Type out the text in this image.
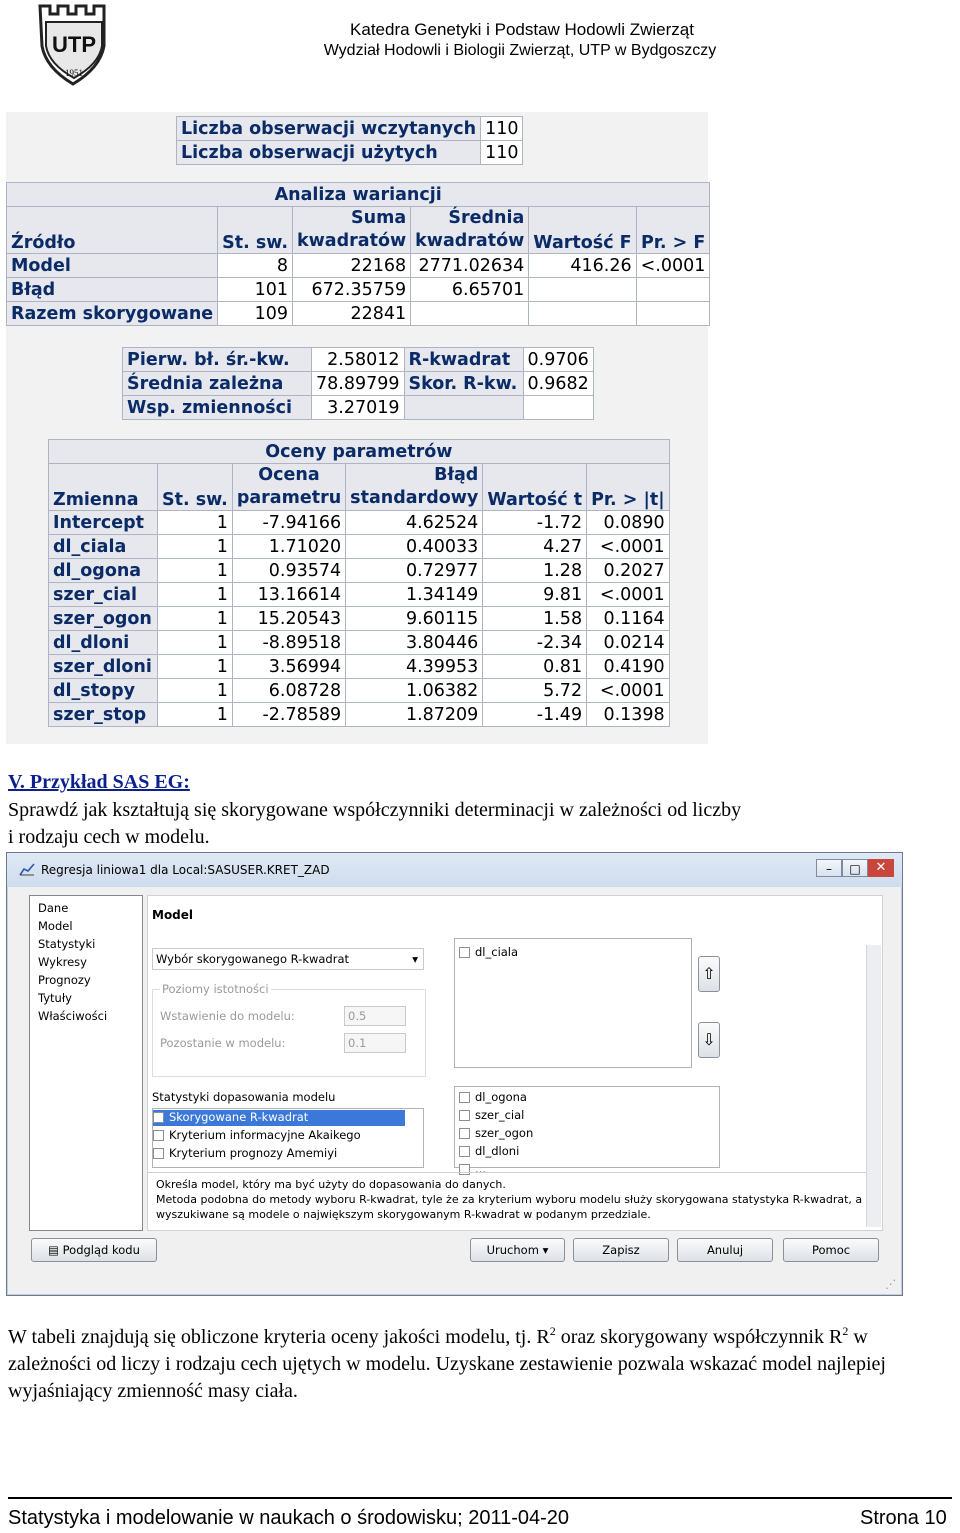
UTP
1951
Katedra Genetyki i Podstaw Hodowli Zwierząt
Wydział Hodowli i Biologii Zwierząt, UTP w Bydgoszczy
Liczba obserwacji wczytanych	110
Liczba obserwacji użytych	110
Analiza wariancji					
Źródło	St. sw.	Suma kwadratów	Średnia kwadratów	Wartość F	Pr. > F
Model	8	22168	2771.02634	416.26	<.0001
Błąd	101	672.35759	6.65701		
Razem skorygowane	109	22841			
Pierw. bł. śr.-kw.	2.58012	R-kwadrat	0.9706
Średnia zależna	78.89799	Skor. R-kw.	0.9682
Wsp. zmienności	3.27019		
Oceny parametrów					
Zmienna	St. sw.	Ocena parametru	Błąd standardowy	Wartość t	Pr. > |t|
Intercept	1	-7.94166	4.62524	-1.72	0.0890
dl_ciala	1	1.71020	0.40033	4.27	<.0001
dl_ogona	1	0.93574	0.72977	1.28	0.2027
szer_cial	1	13.16614	1.34149	9.81	<.0001
szer_ogon	1	15.20543	9.60115	1.58	0.1164
dl_dloni	1	-8.89518	3.80446	-2.34	0.0214
szer_dloni	1	3.56994	4.39953	0.81	0.4190
dl_stopy	1	6.08728	1.06382	5.72	<.0001
szer_stop	1	-2.78589	1.87209	-1.49	0.1398
V. Przykład SAS EG:
Sprawdź jak kształtują się skorygowane współczynniki determinacji w zależności od liczby
i rodzaju cech w modelu.
Regresja liniowa1 dla Local:SASUSER.KRET_ZAD	–	□	✕
Dane
Model
Statystyki
Wykresy
Prognozy
Tytuły
Właściwości
Model
Wybór skorygowanego R-kwadrat	▾
Poziomy istotności
Wstawienie do modelu:	0.5
Pozostanie w modelu:	0.1
Statystyki dopasowania modelu
Skorygowane R-kwadrat
Kryterium informacyjne Akaikego
Kryterium prognozy Amemiyi
dl_ciala
⇧
⇩
dl_ogona
szer_cial
szer_ogon
dl_dloni
...
Określa model, który ma być użyty do dopasowania do danych.
Metoda podobna do metody wyboru R-kwadrat, tyle że za kryterium wyboru modelu służy skorygowana statystyka R-kwadrat, a
wyszukiwane są modele o największym skorygowanym R-kwadrat w podanym przedziale.
▤ Podgląd kodu	Uruchom ▾	Zapisz	Anuluj	Pomoc
⋰
W tabeli znajdują się obliczone kryteria oceny jakości modelu, tj. $R^2$ oraz skorygowany współczynnik $R^2$ w zależności od liczy i rodzaju cech ujętych w modelu. Uzyskane zestawienie pozwala wskazać model najlepiej wyjaśniający zmienność masy ciała.
Statystyka i modelowanie w naukach o środowisku; 2011-04-20	Strona 10
